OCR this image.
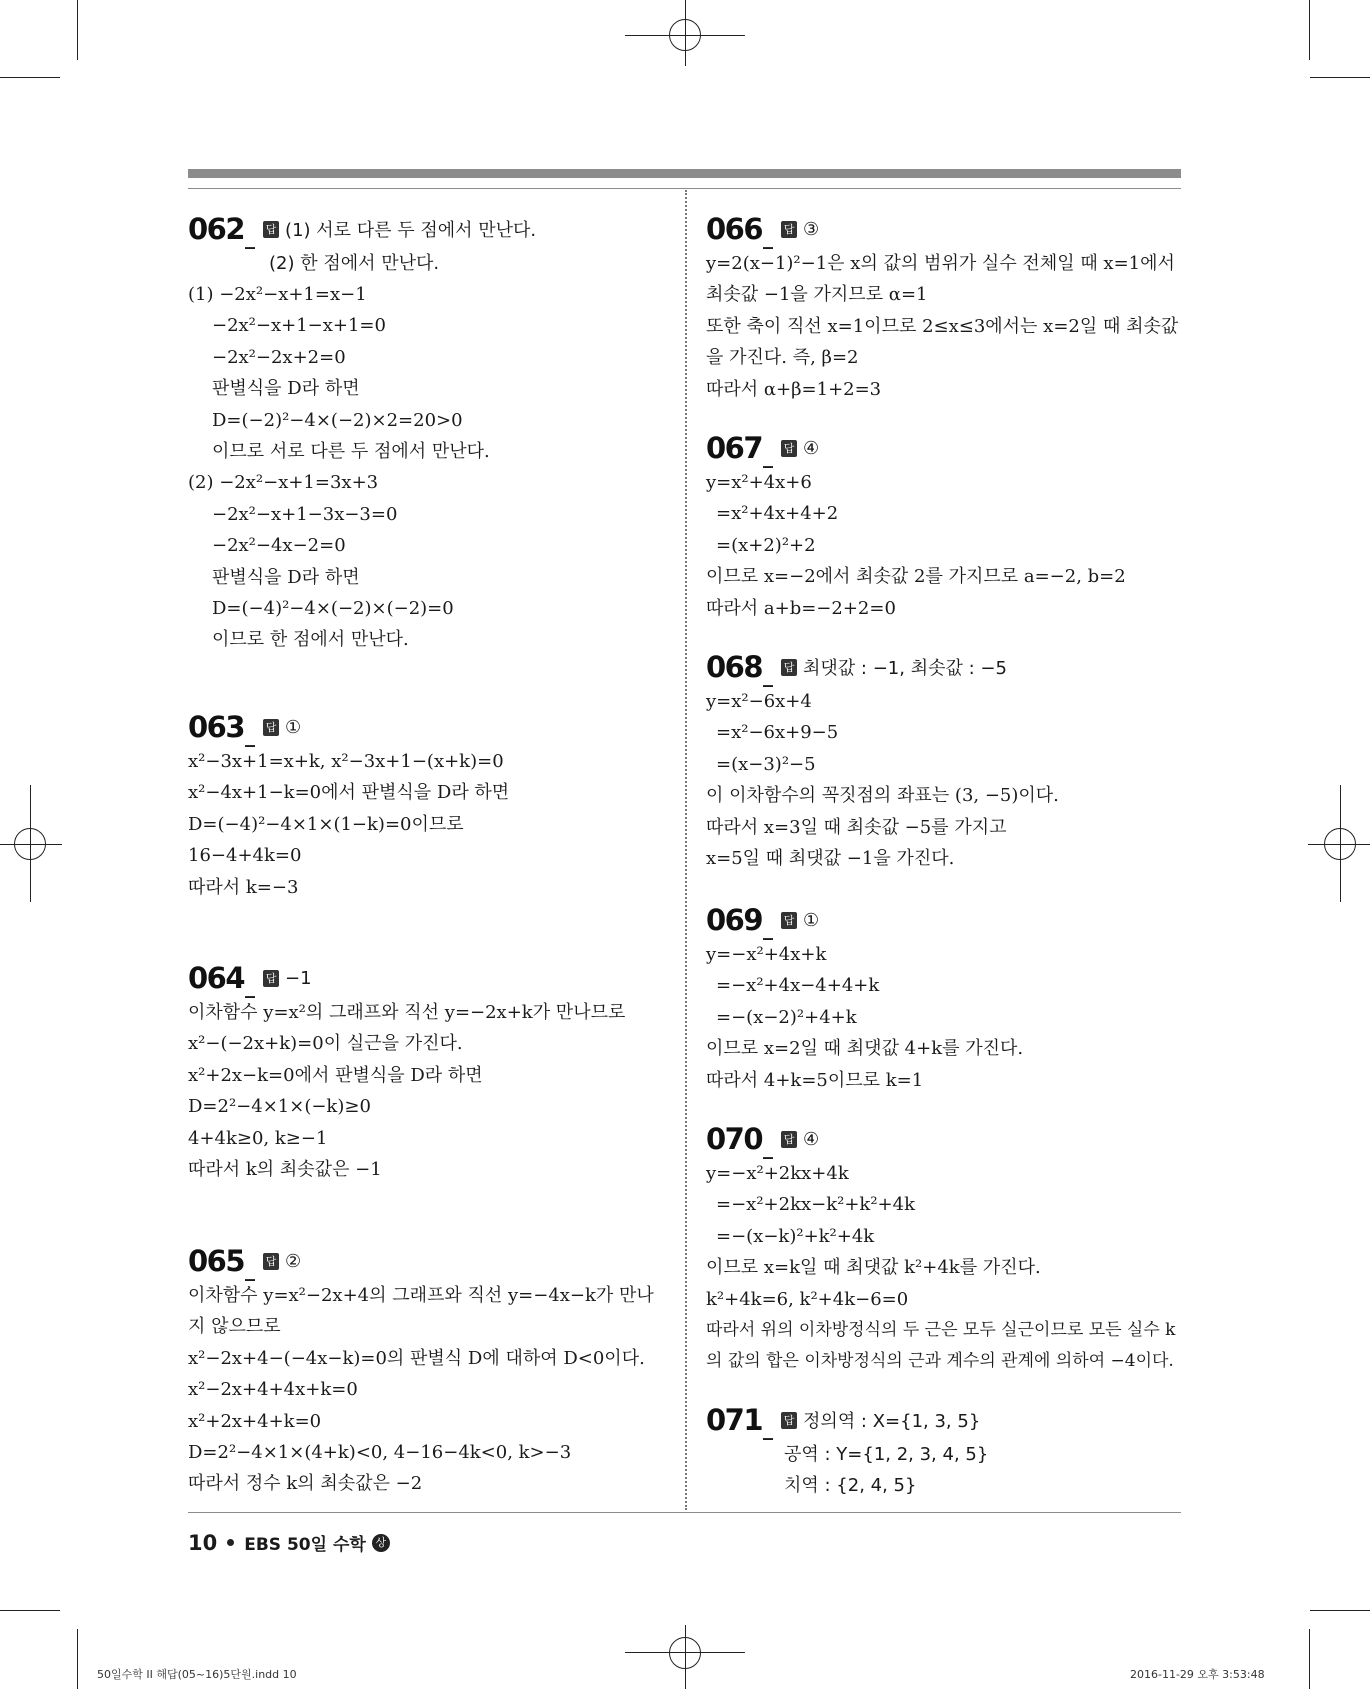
062 _ 답 (1) 서로 다른 두 점에서 만난다.
(2) 한 점에서 만난다.
(1) −2x²−x+1=x−1
−2x²−x+1−x+1=0
−2x²−2x+2=0
판별식을 D라 하면
D=(−2)²−4×(−2)×2=20>0
이므로 서로 다른 두 점에서 만난다.
(2) −2x²−x+1=3x+3
−2x²−x+1−3x−3=0
−2x²−4x−2=0
판별식을 D라 하면
D=(−4)²−4×(−2)×(−2)=0
이므로 한 점에서 만난다.
063 _ 답 ①
x²−3x+1=x+k, x²−3x+1−(x+k)=0
x²−4x+1−k=0에서 판별식을 D라 하면
D=(−4)²−4×1×(1−k)=0이므로
16−4+4k=0
따라서 k=−3
064 _ 답 −1
이차함수 y=x²의 그래프와 직선 y=−2x+k가 만나므로
x²−(−2x+k)=0이 실근을 가진다.
x²+2x−k=0에서 판별식을 D라 하면
D=2²−4×1×(−k)≥0
4+4k≥0, k≥−1
따라서 k의 최솟값은 −1
065 _ 답 ②
이차함수 y=x²−2x+4의 그래프와 직선 y=−4x−k가 만나
지 않으므로
x²−2x+4−(−4x−k)=0의 판별식 D에 대하여 D<0이다.
x²−2x+4+4x+k=0
x²+2x+4+k=0
D=2²−4×1×(4+k)<0, 4−16−4k<0, k>−3
따라서 정수 k의 최솟값은 −2
066 _ 답 ③
y=2(x−1)²−1은 x의 값의 범위가 실수 전체일 때 x=1에서
최솟값 −1을 가지므로 α=1
또한 축이 직선 x=1이므로 2≤x≤3에서는 x=2일 때 최솟값
을 가진다. 즉, β=2
따라서 α+β=1+2=3
067 _ 답 ④
y=x²+4x+6
=x²+4x+4+2
=(x+2)²+2
이므로 x=−2에서 최솟값 2를 가지므로 a=−2, b=2
따라서 a+b=−2+2=0
068 _ 답 최댓값 : −1, 최솟값 : −5
y=x²−6x+4
=x²−6x+9−5
=(x−3)²−5
이 이차함수의 꼭짓점의 좌표는 (3, −5)이다.
따라서 x=3일 때 최솟값 −5를 가지고
x=5일 때 최댓값 −1을 가진다.
069 _ 답 ①
y=−x²+4x+k
=−x²+4x−4+4+k
=−(x−2)²+4+k
이므로 x=2일 때 최댓값 4+k를 가진다.
따라서 4+k=5이므로 k=1
070 _ 답 ④
y=−x²+2kx+4k
=−x²+2kx−k²+k²+4k
=−(x−k)²+k²+4k
이므로 x=k일 때 최댓값 k²+4k를 가진다.
k²+4k=6, k²+4k−6=0
따라서 위의 이차방정식의 두 근은 모두 실근이므로 모든 실수 k
의 값의 합은 이차방정식의 근과 계수의 관계에 의하여 −4이다.
071 _ 답 정의역 : X={1, 3, 5}
공역 : Y={1, 2, 3, 4, 5}
치역 : {2, 4, 5}
10 EBS 50일 수학 상
50일수학 II 해답(05~16)5단원.indd 10	2016-11-29 오후 3:53:48
